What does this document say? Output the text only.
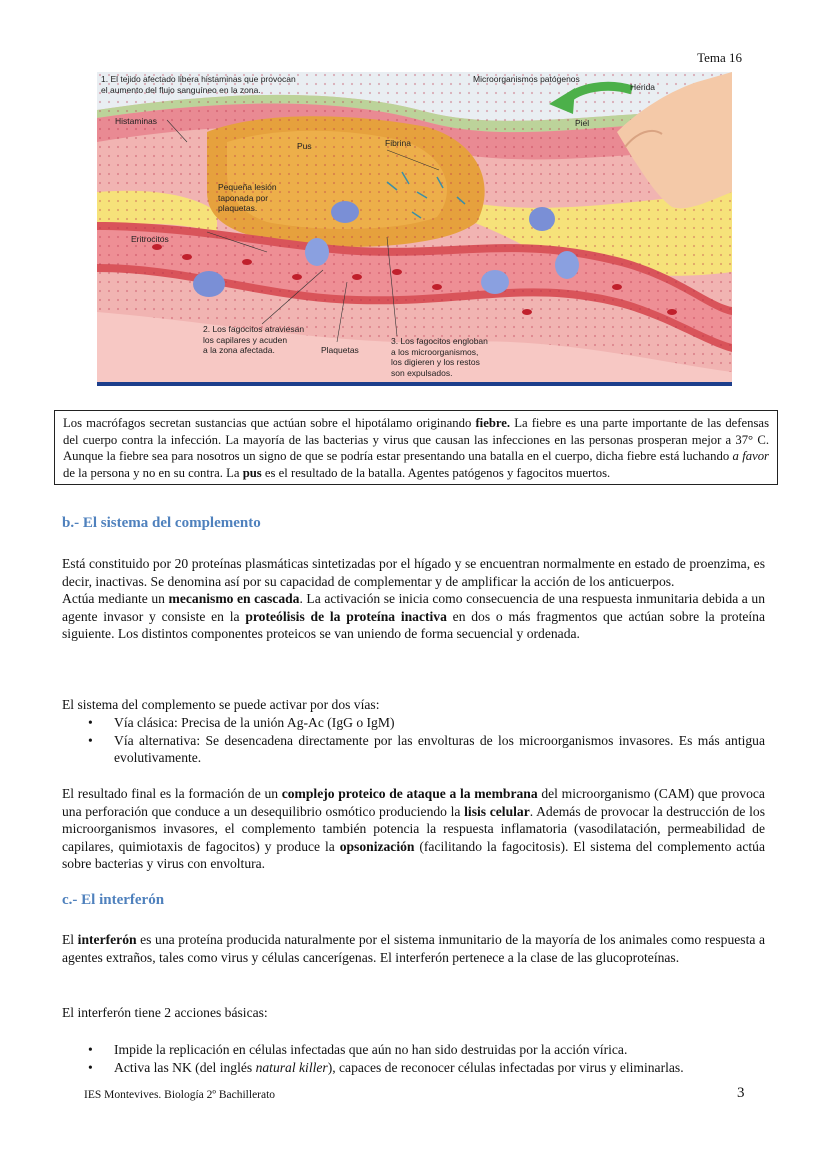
Tema 16
1. El tejido afectado libera histaminas que provocan
el aumento del flujo sanguíneo en la zona.
Microorganismos patógenos
Herida
Histaminas
Pus	Fibrina
Piel
Pequeña lesión
taponada por
plaquetas.
Eritrocitos
2. Los fagocitos atraviesan
los capilares y acuden
a la zona afectada.	Plaquetas
3. Los fagocitos engloban
a los microorganismos,
los digieren y los restos
son expulsados.
Los macrófagos secretan sustancias que actúan sobre el hipotálamo originando fiebre. La fiebre es una parte importante de las defensas del cuerpo contra la infección. La mayoría de las bacterias y virus que causan las infecciones en las personas prosperan mejor a 37° C. Aunque la fiebre sea para nosotros un signo de que se podría estar presentando una batalla en el cuerpo, dicha fiebre está luchando a favor de la persona y no en su contra. La pus es el resultado de la batalla. Agentes patógenos y fagocitos muertos.
b.- El sistema del complemento

Está constituido por 20 proteínas plasmáticas sintetizadas por el hígado y se encuentran normalmente en estado de proenzima, es decir, inactivas. Se denomina así por su capacidad de complementar y de amplificar la acción de los anticuerpos.

Actúa mediante un mecanismo en cascada. La activación se inicia como consecuencia de una respuesta inmunitaria debida a un agente invasor y consiste en la proteólisis de la proteína inactiva en dos o más fragmentos que actúan sobre la proteína siguiente. Los distintos componentes proteicos se van uniendo de forma secuencial y ordenada.

El sistema del complemento se puede activar por dos vías:
• Vía clásica: Precisa de la unión Ag-Ac (IgG o IgM)
• Vía alternativa: Se desencadena directamente por las envolturas de los microorganismos invasores. Es más antigua evolutivamente.
El resultado final es la formación de un complejo proteico de ataque a la membrana del microorganismo (CAM) que provoca una perforación que conduce a un desequilibrio osmótico produciendo la lisis celular. Además de provocar la destrucción de los microorganismos invasores, el complemento también potencia la respuesta inflamatoria (vasodilatación, permeabilidad de capilares, quimiotaxis de fagocitos) y produce la opsonización (facilitando la fagocitosis). El sistema del complemento actúa sobre bacterias y virus con envoltura.
c.- El interferón
El interferón es una proteína producida naturalmente por el sistema inmunitario de la mayoría de los animales como respuesta a agentes extraños, tales como virus y células cancerígenas. El interferón pertenece a la clase de las glucoproteínas.
El interferón tiene 2 acciones básicas:
• Impide la replicación en células infectadas que aún no han sido destruidas por la acción vírica.
• Activa las NK (del inglés natural killer), capaces de reconocer células infectadas por virus y eliminarlas.
IES Montevives. Biología 2º Bachillerato	3
